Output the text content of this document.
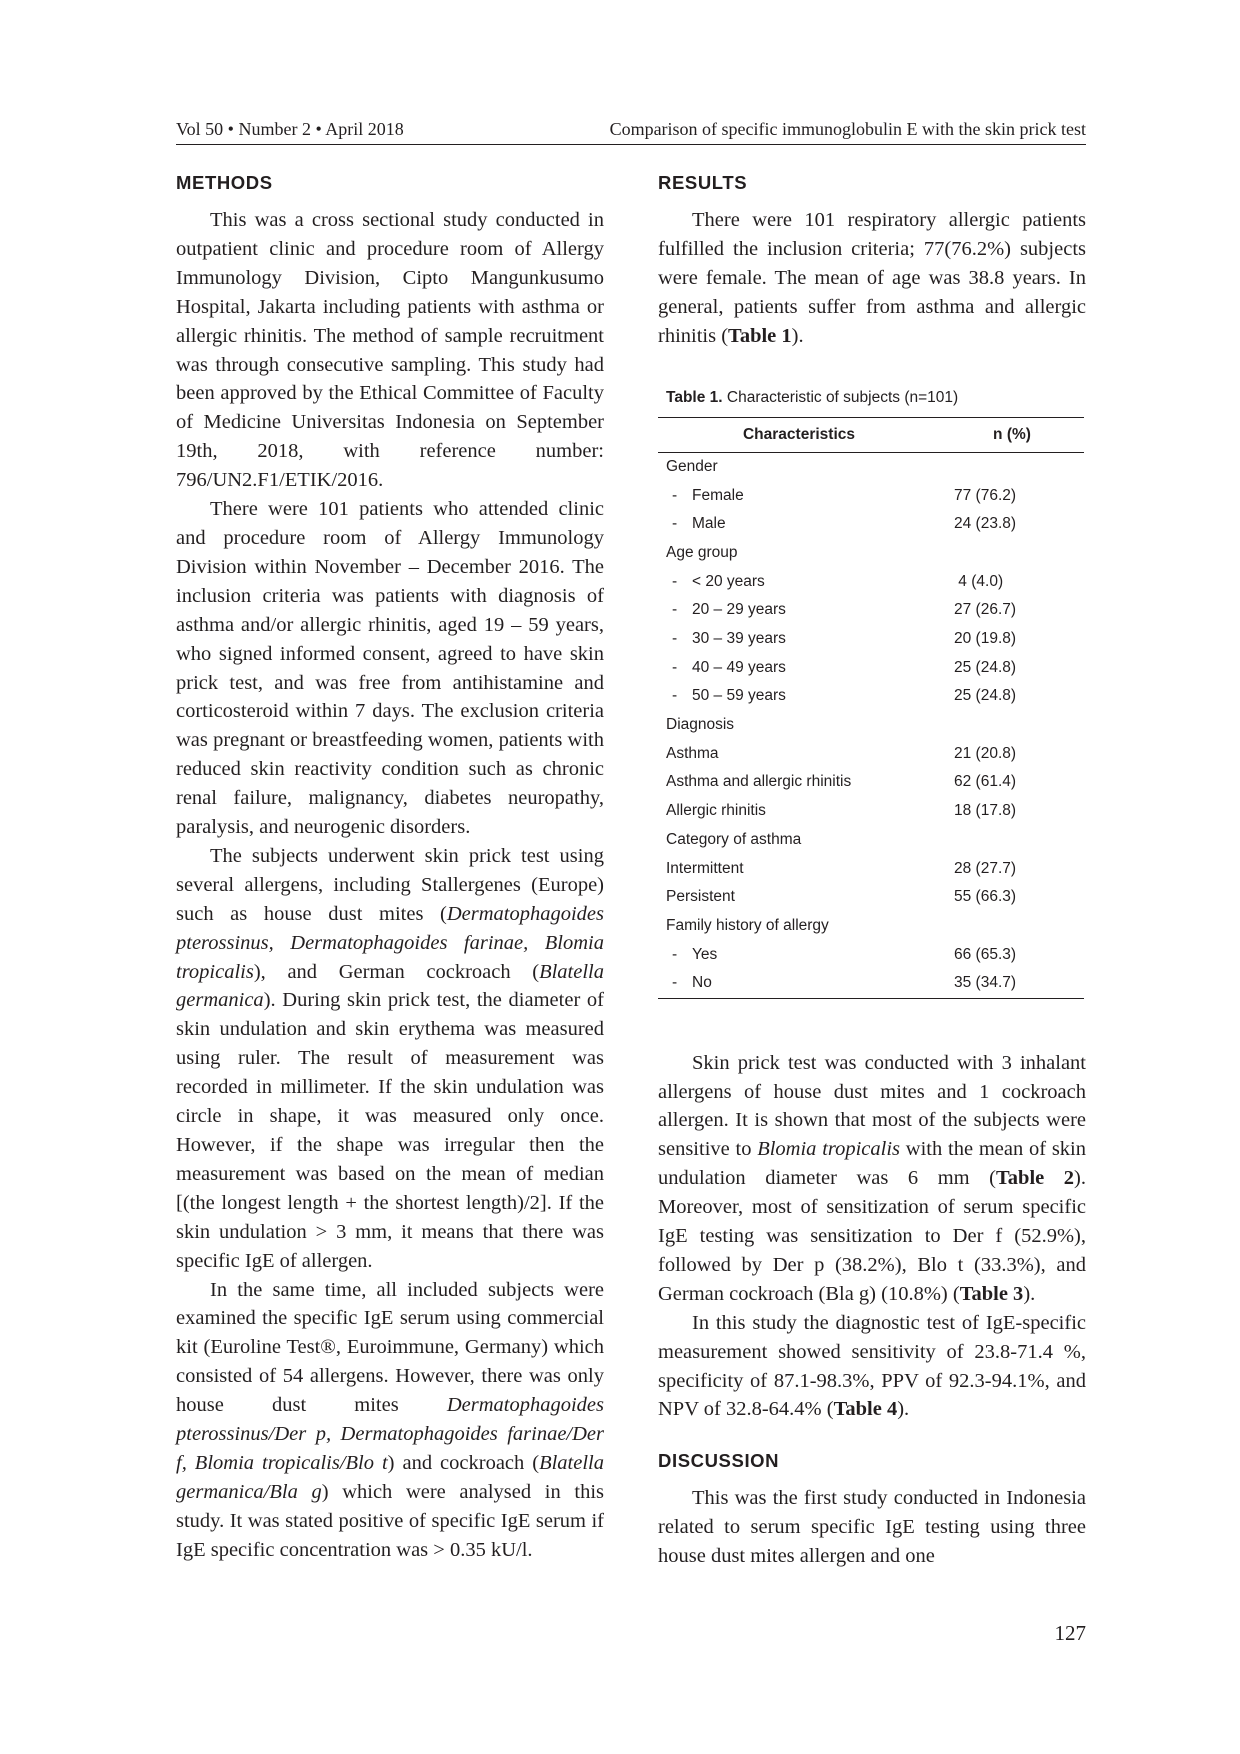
Vol 50 • Number 2 • April 2018	Comparison of specific immunoglobulin E with the skin prick test
METHODS

This was a cross sectional study conducted in outpatient clinic and procedure room of Allergy Immunology Division, Cipto Mangunkusumo Hospital, Jakarta including patients with asthma or allergic rhinitis. The method of sample recruitment was through consecutive sampling. This study had been approved by the Ethical Committee of Faculty of Medicine Universitas Indonesia on September 19th, 2018, with reference number: 796/UN2.F1/ETIK/2016.

There were 101 patients who attended clinic and procedure room of Allergy Immunology Division within November – December 2016. The inclusion criteria was patients with diagnosis of asthma and/or allergic rhinitis, aged 19 – 59 years, who signed informed consent, agreed to have skin prick test, and was free from antihistamine and corticosteroid within 7 days. The exclusion criteria was pregnant or breastfeeding women, patients with reduced skin reactivity condition such as chronic renal failure, malignancy, diabetes neuropathy, paralysis, and neurogenic disorders.

The subjects underwent skin prick test using several allergens, including Stallergenes (Europe) such as house dust mites (Dermatophagoides pterossinus, Dermatophagoides farinae, Blomia tropicalis), and German cockroach (Blatella germanica). During skin prick test, the diameter of skin undulation and skin erythema was measured using ruler. The result of measurement was recorded in millimeter. If the skin undulation was circle in shape, it was measured only once. However, if the shape was irregular then the measurement was based on the mean of median [(the longest length + the shortest length)/2]. If the skin undulation > 3 mm, it means that there was specific IgE of allergen.

In the same time, all included subjects were examined the specific IgE serum using commercial kit (Euroline Test®, Euroimmune, Germany) which consisted of 54 allergens. However, there was only house dust mites Dermatophagoides pterossinus/Der p, Dermatophagoides farinae/Der f, Blomia tropicalis/Blo t) and cockroach (Blatella germanica/Bla g) which were analysed in this study. It was stated positive of specific IgE serum if IgE specific concentration was > 0.35 kU/l.

RESULTS

There were 101 respiratory allergic patients fulfilled the inclusion criteria; 77(76.2%) subjects were female. The mean of age was 38.8 years. In general, patients suffer from asthma and allergic rhinitis (Table 1).

Table 1. Characteristic of subjects (n=101)
Characteristics	n (%)
Gender	
- Female	77 (76.2)
- Male	24 (23.8)
Age group	
- < 20 years	4 (4.0)
- 20 – 29 years	27 (26.7)
- 30 – 39 years	20 (19.8)
- 40 – 49 years	25 (24.8)
- 50 – 59 years	25 (24.8)
Diagnosis	
Asthma	21 (20.8)
Asthma and allergic rhinitis	62 (61.4)
Allergic rhinitis	18 (17.8)
Category of asthma	
Intermittent	28 (27.7)
Persistent	55 (66.3)
Family history of allergy	
- Yes	66 (65.3)
- No	35 (34.7)

Skin prick test was conducted with 3 inhalant allergens of house dust mites and 1 cockroach allergen. It is shown that most of the subjects were sensitive to Blomia tropicalis with the mean of skin undulation diameter was 6 mm (Table 2). Moreover, most of sensitization of serum specific IgE testing was sensitization to Der f (52.9%), followed by Der p (38.2%), Blo t (33.3%), and German cockroach (Bla g) (10.8%) (Table 3).

In this study the diagnostic test of IgE-specific measurement showed sensitivity of 23.8-71.4 %, specificity of 87.1-98.3%, PPV of 92.3-94.1%, and NPV of 32.8-64.4% (Table 4).

DISCUSSION

This was the first study conducted in Indonesia related to serum specific IgE testing using three house dust mites allergen and one

127
